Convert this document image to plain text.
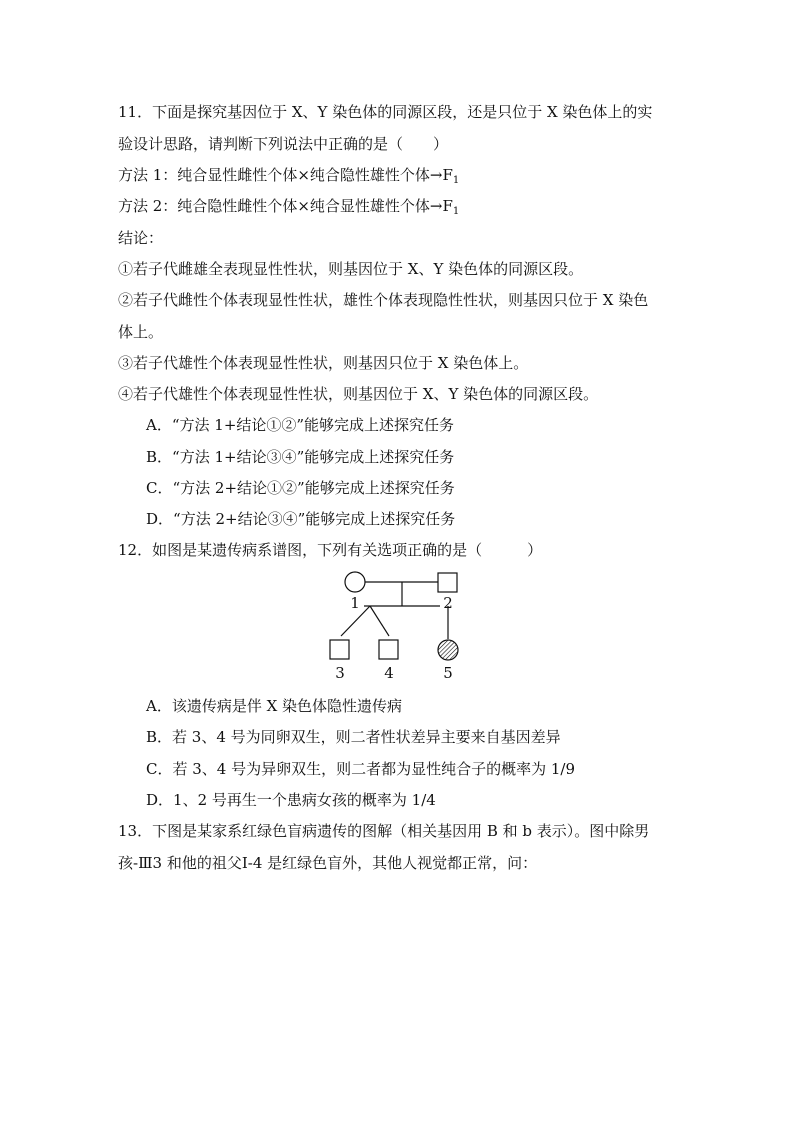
11．下面是探究基因位于 X、Y 染色体的同源区段，还是只位于 X 染色体上的实
验设计思路，请判断下列说法中正确的是（　　）
方法 1：纯合显性雌性个体×纯合隐性雄性个体$\to F_1$
方法 2：纯合隐性雌性个体×纯合显性雄性个体$\to F_1$
结论：
①若子代雌雄全表现显性性状，则基因位于 X、Y 染色体的同源区段。
②若子代雌性个体表现显性性状，雄性个体表现隐性性状，则基因只位于 X 染色
体上。
③若子代雄性个体表现显性性状，则基因只位于 X 染色体上。
④若子代雄性个体表现显性性状，则基因位于 X、Y 染色体的同源区段。
A．“方法 1+结论①②”能够完成上述探究任务
B．“方法 1+结论③④”能够完成上述探究任务
C．“方法 2+结论①②”能够完成上述探究任务
D．“方法 2+结论③④”能够完成上述探究任务
12．如图是某遗传病系谱图，下列有关选项正确的是（　　　）
1	2
3	4	5
A．该遗传病是伴 X 染色体隐性遗传病
B．若 3、4 号为同卵双生，则二者性状差异主要来自基因差异
C．若 3、4 号为异卵双生，则二者都为显性纯合子的概率为 1/9
D．1、2 号再生一个患病女孩的概率为 1/4
13．下图是某家系红绿色盲病遗传的图解（相关基因用 B 和 b 表示）。图中除男
孩-Ⅲ3 和他的祖父Ⅰ-4 是红绿色盲外，其他人视觉都正常，问：
